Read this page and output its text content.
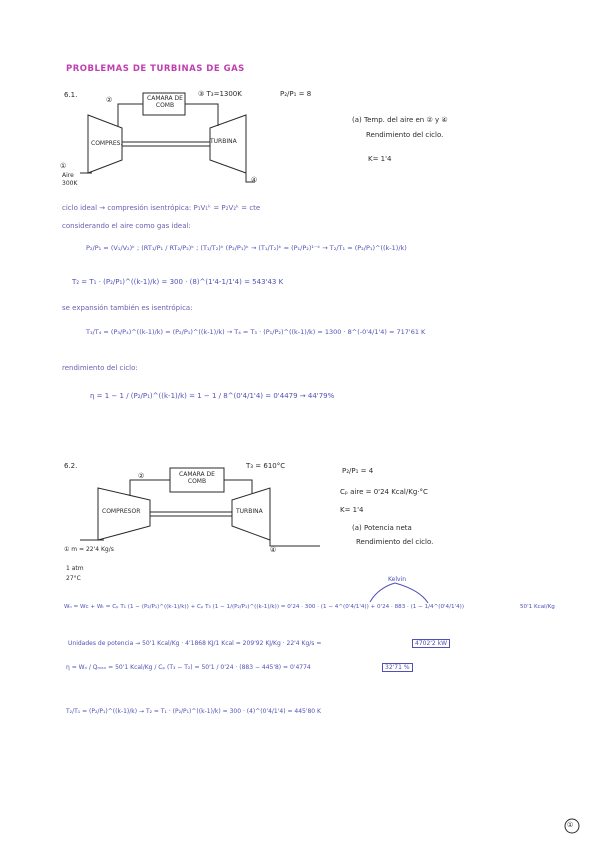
PROBLEMAS DE TURBINAS DE GAS
6.1.
②	CAMARA DE COMB
③ T₃=1300K	P₂/P₁ = 8
COMPRES.	TURBINA
①
Aire
300K	④
(a) Temp. del aire en ② y ④
Rendimiento del ciclo.
K= 1'4
ciclo ideal → compresión isentrópica: P₁V₁ᵏ = P₂V₂ᵏ = cte
considerando el aire como gas ideal:
P₂/P₁ = (V₁/V₂)ᵏ ; (RT₁/P₁ / RT₂/P₂)ᵏ ; (T₁/T₂)ᵏ (P₂/P₁)ᵏ → (T₁/T₂)ᵏ = (P₁/P₂)¹⁻ᵏ → T₂/T₁ = (P₂/P₁)^((k-1)/k)
T₂ = T₁ · (P₂/P₁)^((k-1)/k) = 300 · (8)^(1'4-1/1'4) = 543'43 K
se expansión también es isentrópica:
T₃/T₄ = (P₃/P₄)^((k-1)/k) = (P₂/P₁)^((k-1)/k) → T₄ = T₃ · (P₁/P₂)^((k-1)/k) = 1300 · 8^(-0'4/1'4) = 717'61 K
rendimiento del ciclo:
η = 1 − 1 / (P₂/P₁)^((k-1)/k) = 1 − 1 / 8^(0'4/1'4) = 0'4479 → 44'79%
6.2.
②	CAMARA DE COMB
T₃ = 610°C
P₂/P₁ = 4
Cₚ aire = 0'24 Kcal/Kg·°C
K= 1'4
(a) Potencia neta
Rendimiento del ciclo.
COMPRESOR	TURBINA
④
① m = 22'4 Kg/s
1 atm
27°C	Kelvin
Wₙ = Wc + Wₜ = Cₚ T₁ (1 − (P₂/P₁)^((k-1)/k)) + Cₚ T₃ (1 − 1/(P₂/P₁)^((k-1)/k)) = 0'24 · 300 · (1 − 4^(0'4/1'4)) + 0'24 · 883 · (1 − 1/4^(0'4/1'4))	50'1 Kcal/Kg
Unidades de potencia → 50'1 Kcal/Kg · 4'1868 KJ/1 Kcal = 209'92 KJ/Kg · 22'4 Kg/s =	4702'2 kW
η = Wₙ / Qₘₐₓ = 50'1 Kcal/Kg / Cₚ (T₃ − T₂) = 50'1 / 0'24 · (883 − 445'8) = 0'4774	32'71 %
T₂/T₁ = (P₂/P₁)^((k-1)/k) → T₂ = T₁ · (P₂/P₁)^((k-1)/k) = 300 · (4)^(0'4/1'4) = 445'80 K
①
